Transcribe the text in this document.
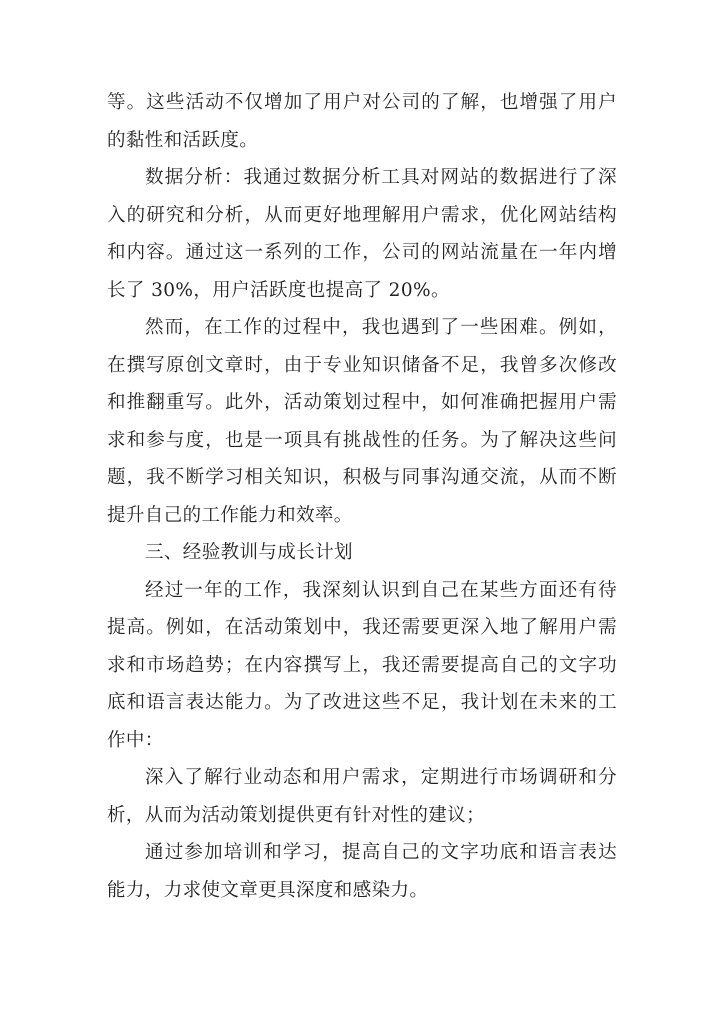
等。这些活动不仅增加了用户对公司的了解，也增强了用户的黏性和活跃度。

数据分析：我通过数据分析工具对网站的数据进行了深入的研究和分析，从而更好地理解用户需求，优化网站结构和内容。通过这一系列的工作，公司的网站流量在一年内增长了 30%，用户活跃度也提高了 20%。

然而，在工作的过程中，我也遇到了一些困难。例如，在撰写原创文章时，由于专业知识储备不足，我曾多次修改和推翻重写。此外，活动策划过程中，如何准确把握用户需求和参与度，也是一项具有挑战性的任务。为了解决这些问题，我不断学习相关知识，积极与同事沟通交流，从而不断提升自己的工作能力和效率。

三、经验教训与成长计划

经过一年的工作，我深刻认识到自己在某些方面还有待提高。例如，在活动策划中，我还需要更深入地了解用户需求和市场趋势；在内容撰写上，我还需要提高自己的文字功底和语言表达能力。为了改进这些不足，我计划在未来的工作中：

深入了解行业动态和用户需求，定期进行市场调研和分析，从而为活动策划提供更有针对性的建议；

通过参加培训和学习，提高自己的文字功底和语言表达能力，力求使文章更具深度和感染力。
